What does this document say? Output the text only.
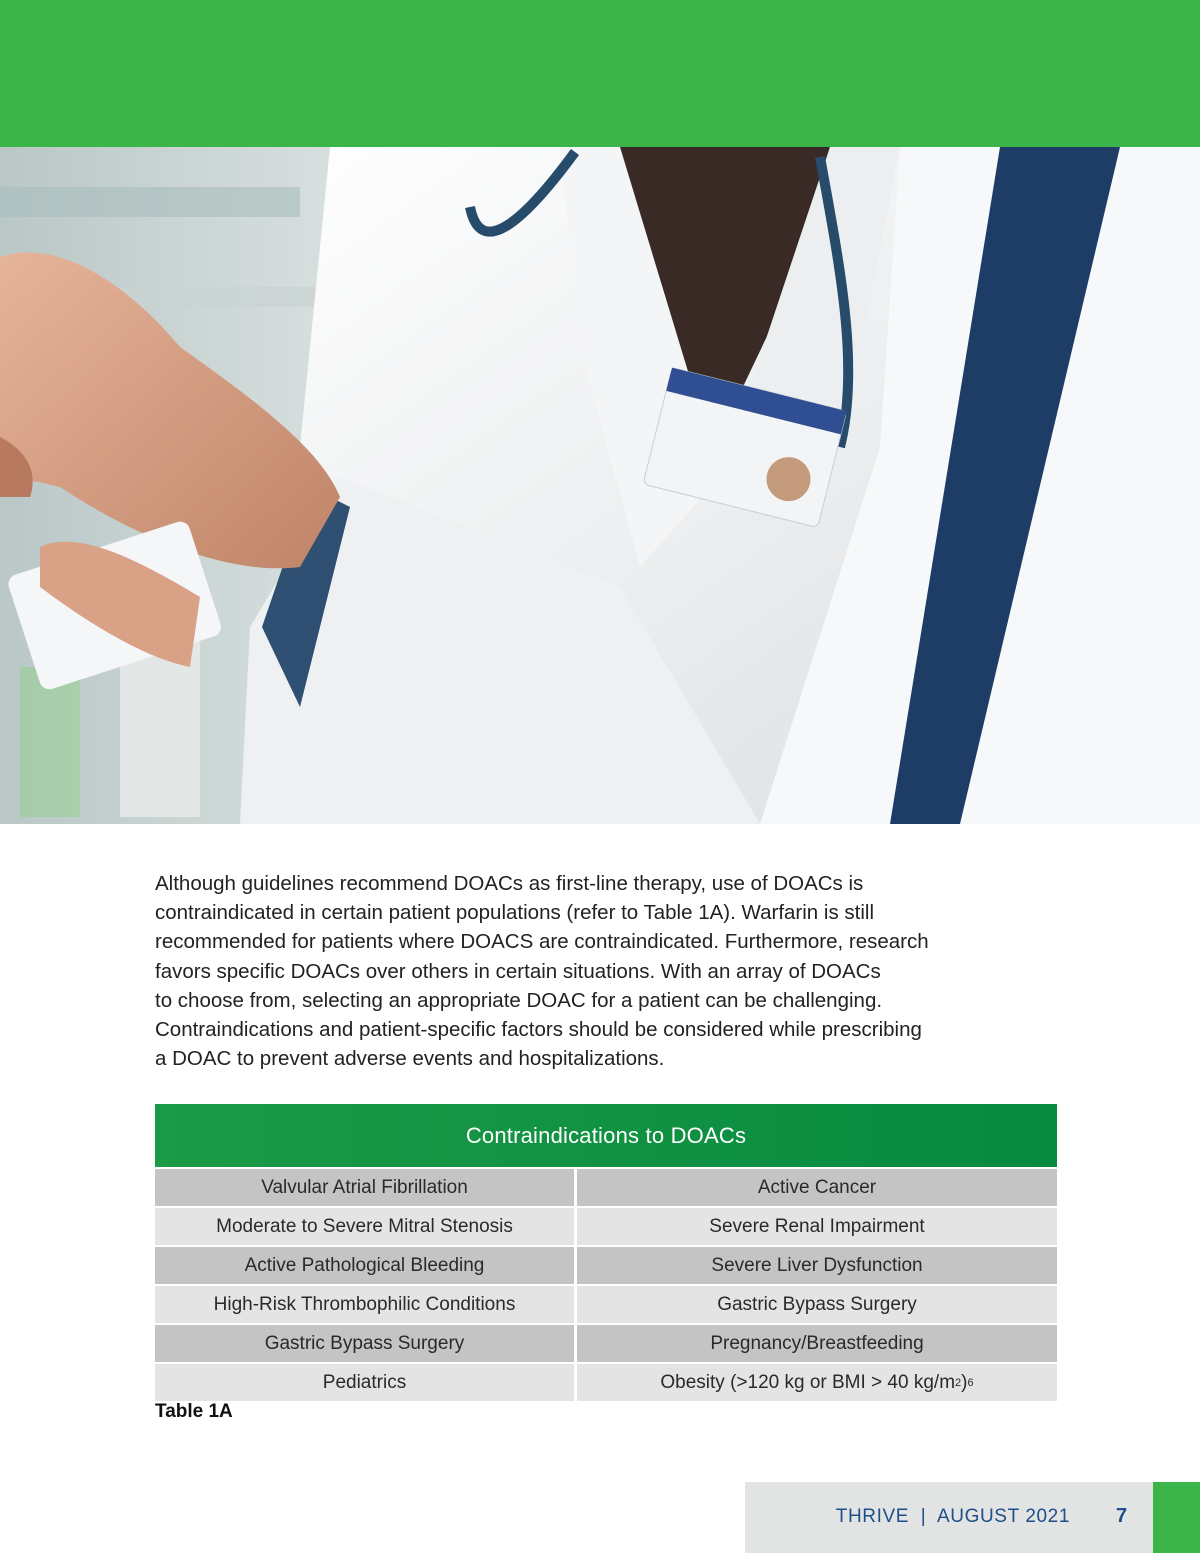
Although guidelines recommend DOACs as first-line therapy, use of DOACs is
contraindicated in certain patient populations (refer to Table 1A). Warfarin is still
recommended for patients where DOACS are contraindicated. Furthermore, research
favors specific DOACs over others in certain situations. With an array of DOACs
to choose from, selecting an appropriate DOAC for a patient can be challenging.
Contraindications and patient-specific factors should be considered while prescribing
a DOAC to prevent adverse events and hospitalizations.
Contraindications to DOACs
Valvular Atrial Fibrillation	Active Cancer
Moderate to Severe Mitral Stenosis	Severe Renal Impairment
Active Pathological Bleeding	Severe Liver Dysfunction
High-Risk Thrombophilic Conditions	Gastric Bypass Surgery
Gastric Bypass Surgery	Pregnancy/Breastfeeding
Pediatrics	Obesity (>120 kg or BMI > 40 kg/m 2 ) 6
Table 1A
THRIVE  |  AUGUST 2021 7
